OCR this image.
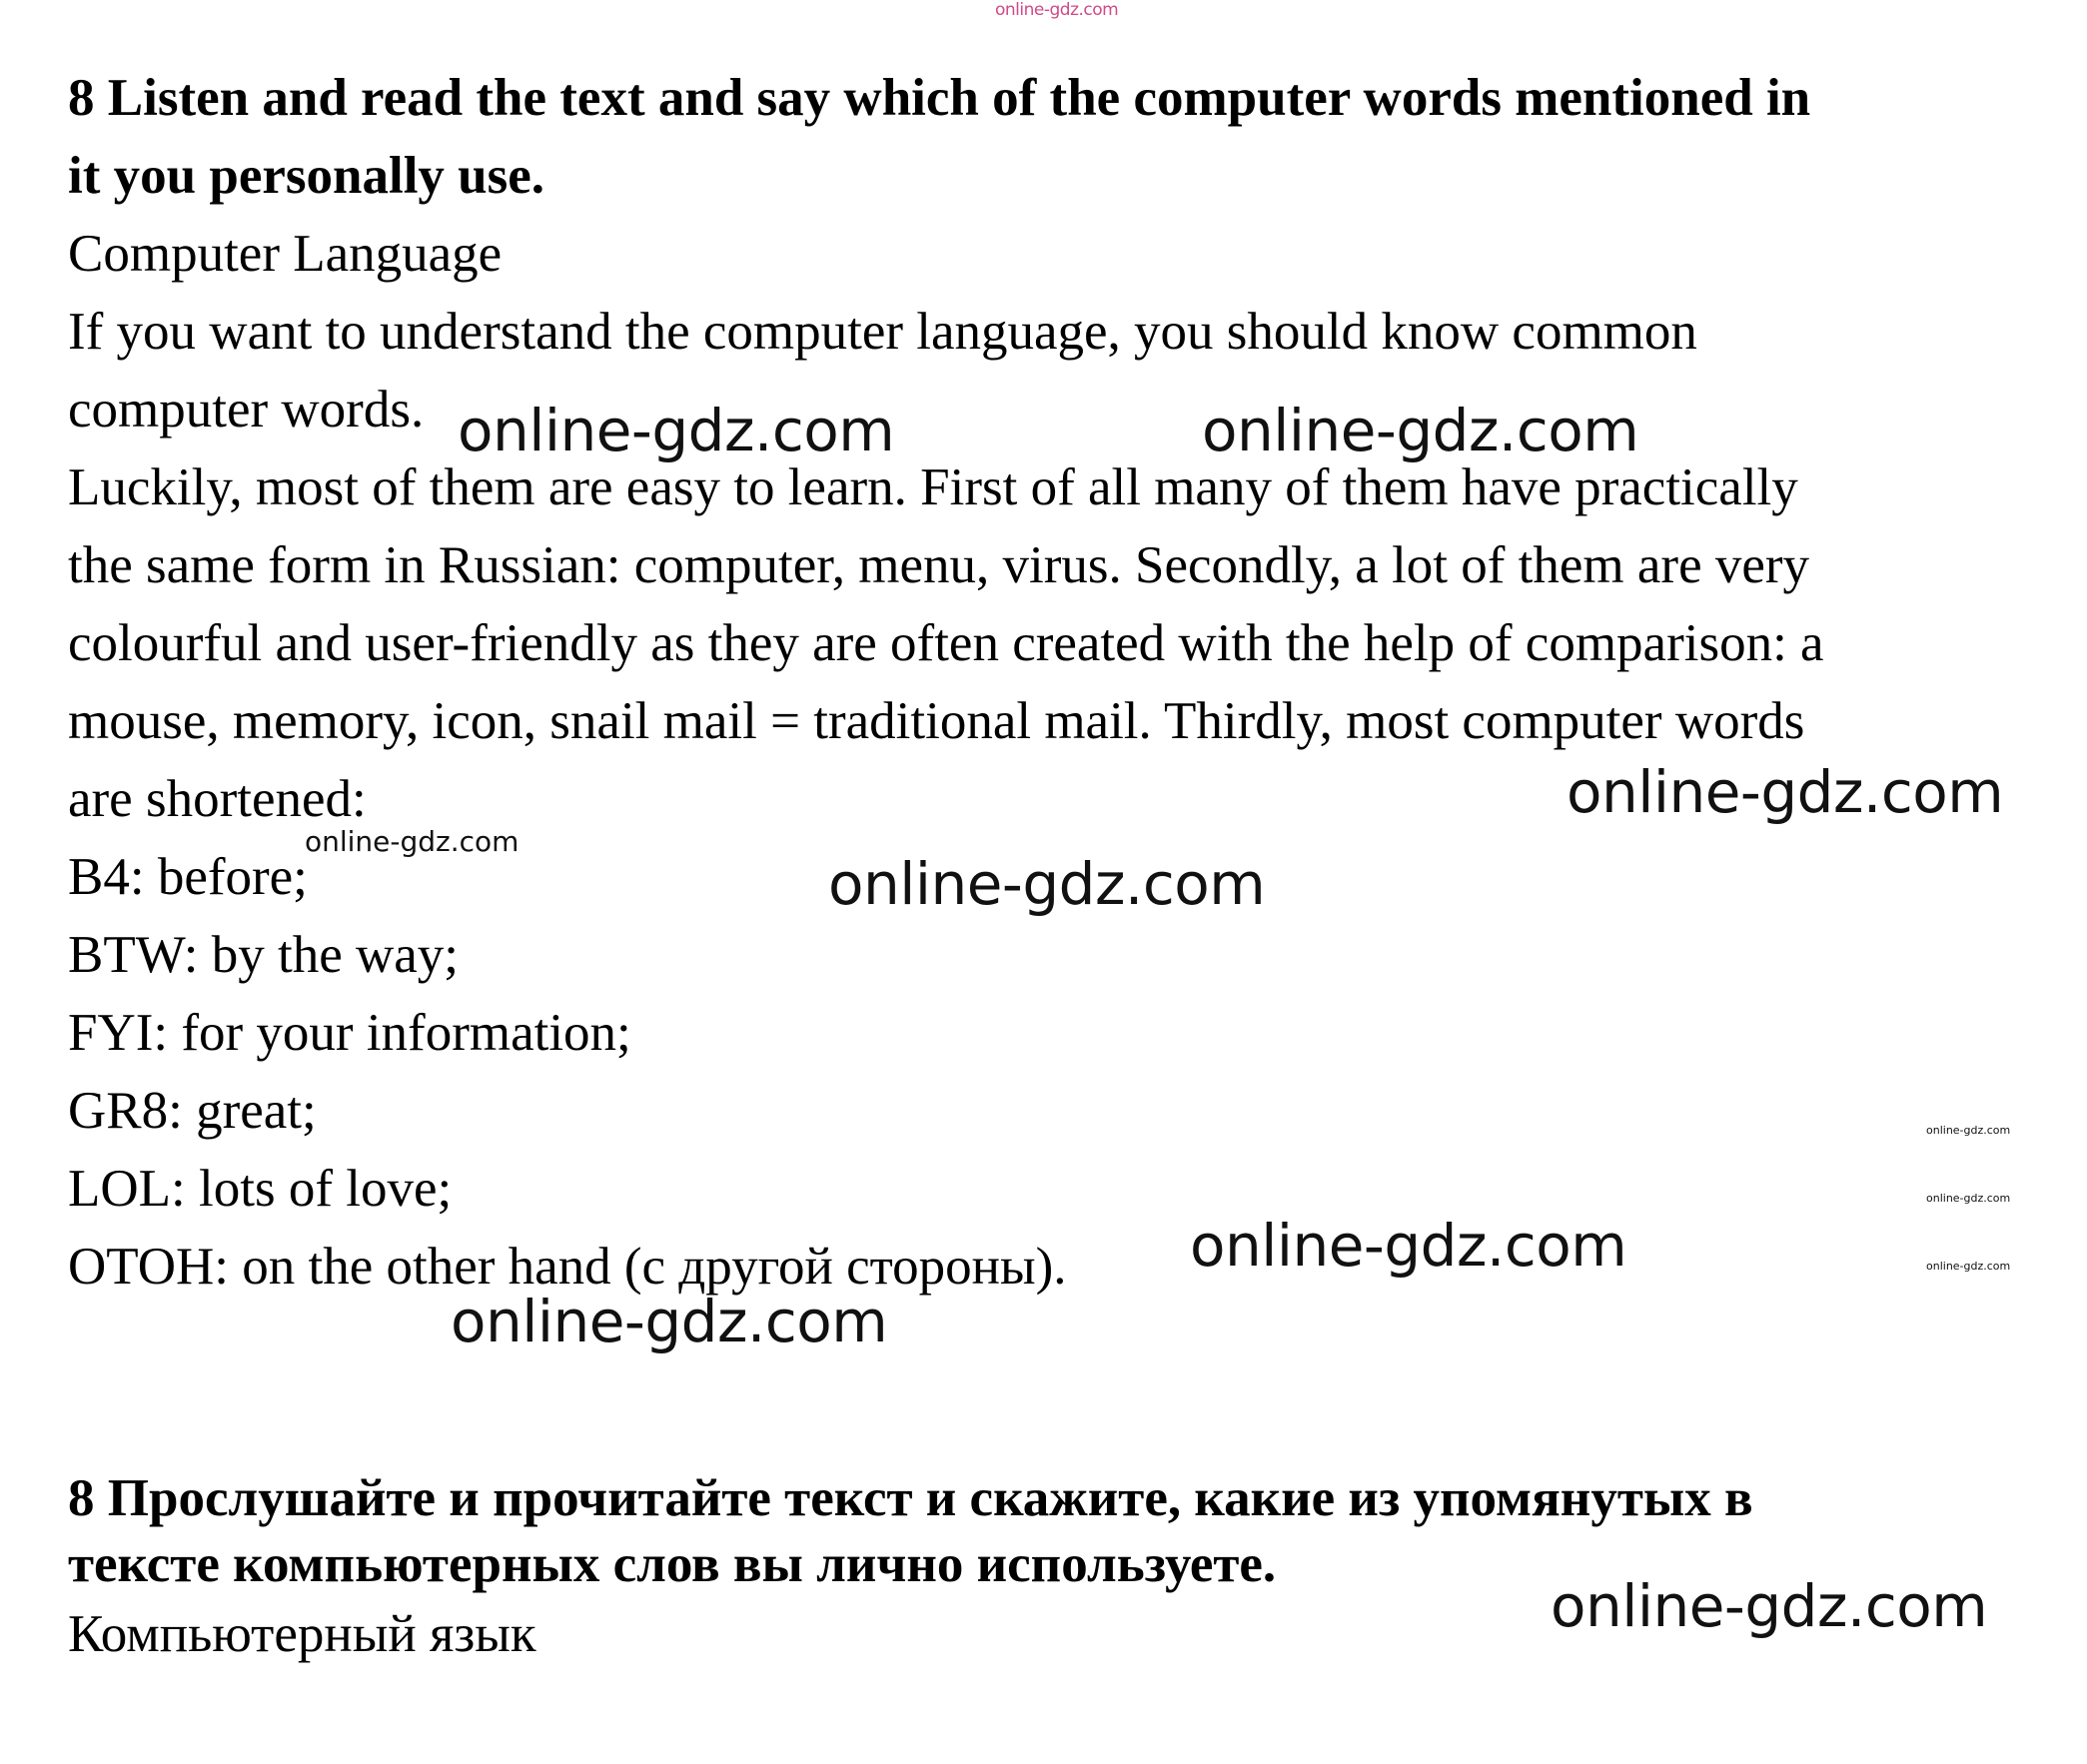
online-gdz.com
8 Listen and read the text and say which of the computer words mentioned in
it you personally use.
Computer Language
If you want to understand the computer language, you should know common
computer words.
Luckily, most of them are easy to learn. First of all many of them have practically
the same form in Russian: computer, menu, virus. Secondly, a lot of them are very
colourful and user-friendly as they are often created with the help of comparison: a
mouse, memory, icon, snail mail = traditional mail. Thirdly, most computer words
are shortened:
B4: before;
BTW: by the way;
FYI: for your information;
GR8: great;
LOL: lots of love;
OTOH: on the other hand (с другой стороны).
8 Прослушайте и прочитайте текст и скажите, какие из упомянутых в
тексте компьютерных слов вы лично используете.
Компьютерный язык
online-gdz.com	online-gdz.com
online-gdz.com
online-gdz.com
online-gdz.com
online-gdz.com
online-gdz.com
online-gdz.com
online-gdz.com
online-gdz.com
online-gdz.com
